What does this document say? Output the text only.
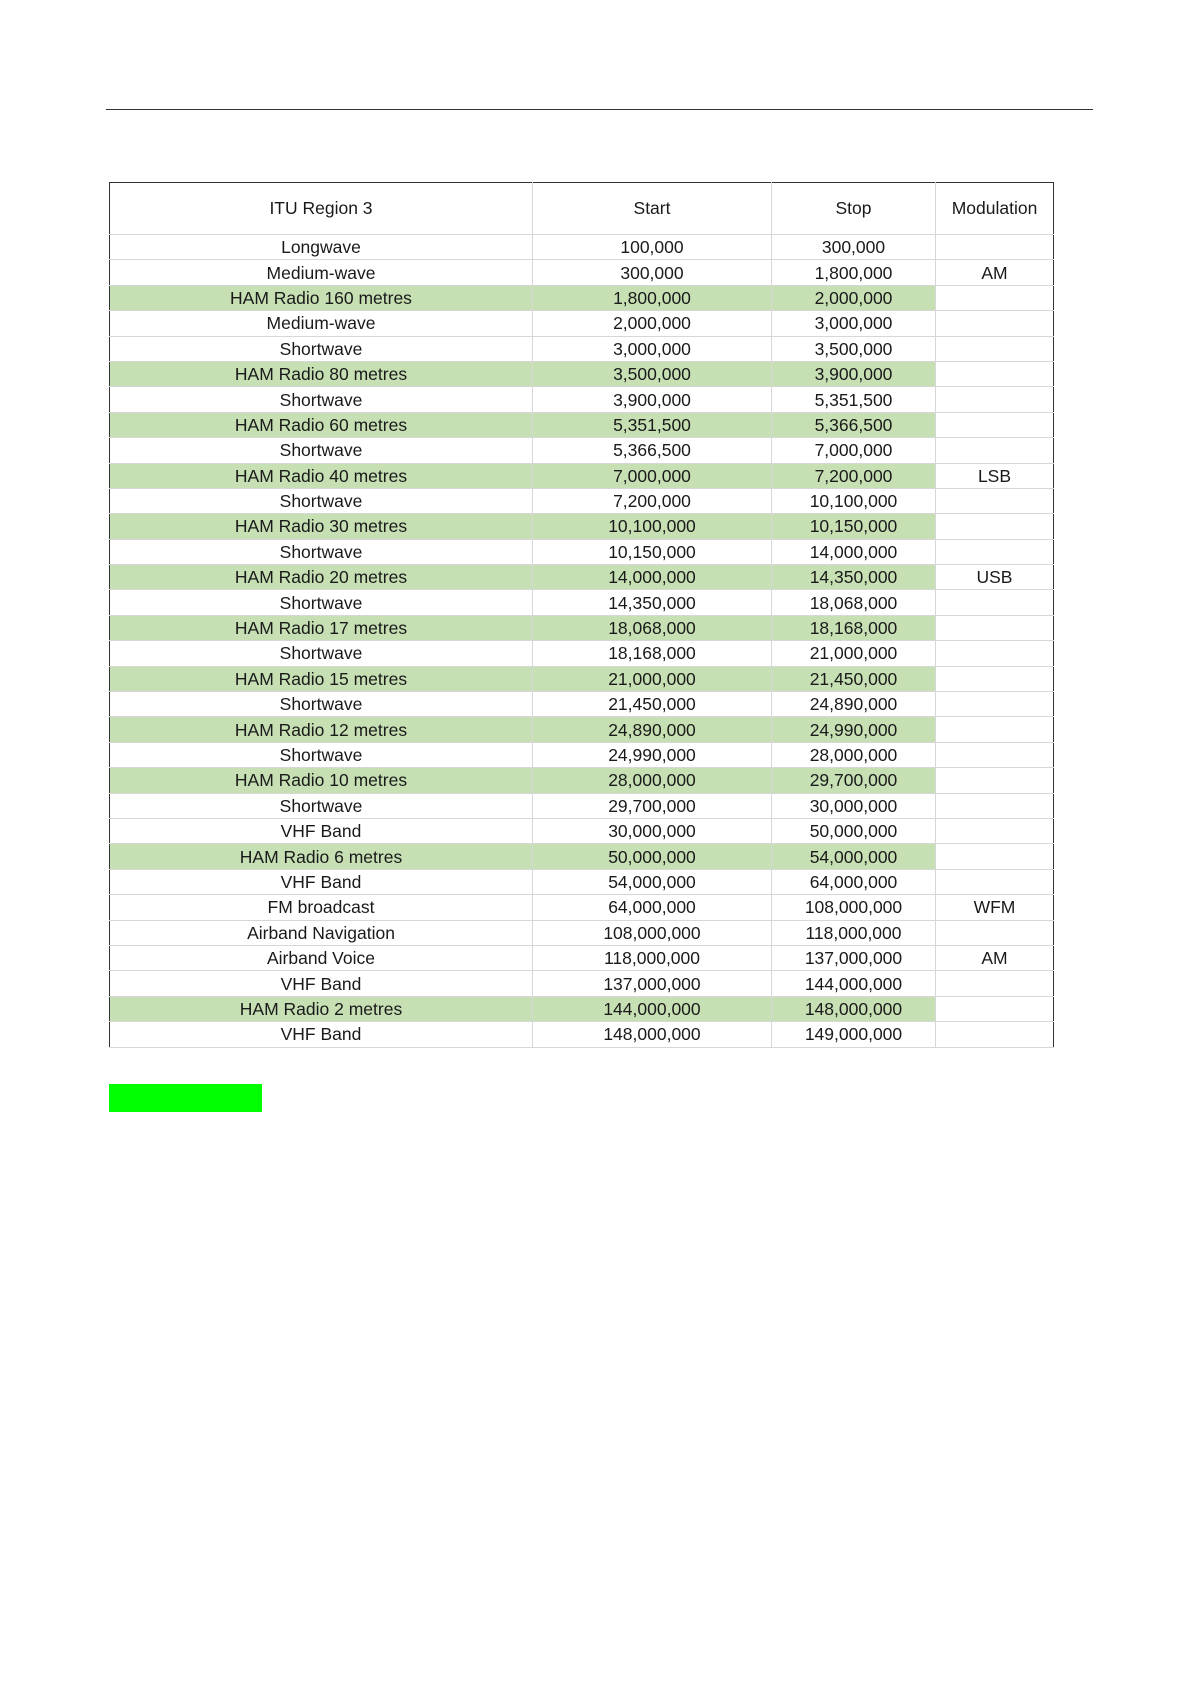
ITU Region 3	Start	Stop	Modulation
Longwave	100,000	300,000	
Medium-wave	300,000	1,800,000	AM
HAM Radio 160 metres	1,800,000	2,000,000	
Medium-wave	2,000,000	3,000,000	
Shortwave	3,000,000	3,500,000	
HAM Radio 80 metres	3,500,000	3,900,000	
Shortwave	3,900,000	5,351,500	
HAM Radio 60 metres	5,351,500	5,366,500	
Shortwave	5,366,500	7,000,000	
HAM Radio 40 metres	7,000,000	7,200,000	LSB
Shortwave	7,200,000	10,100,000	
HAM Radio 30 metres	10,100,000	10,150,000	
Shortwave	10,150,000	14,000,000	
HAM Radio 20 metres	14,000,000	14,350,000	USB
Shortwave	14,350,000	18,068,000	
HAM Radio 17 metres	18,068,000	18,168,000	
Shortwave	18,168,000	21,000,000	
HAM Radio 15 metres	21,000,000	21,450,000	
Shortwave	21,450,000	24,890,000	
HAM Radio 12 metres	24,890,000	24,990,000	
Shortwave	24,990,000	28,000,000	
HAM Radio 10 metres	28,000,000	29,700,000	
Shortwave	29,700,000	30,000,000	
VHF Band	30,000,000	50,000,000	
HAM Radio 6 metres	50,000,000	54,000,000	
VHF Band	54,000,000	64,000,000	
FM broadcast	64,000,000	108,000,000	WFM
Airband Navigation	108,000,000	118,000,000	
Airband Voice	118,000,000	137,000,000	AM
VHF Band	137,000,000	144,000,000	
HAM Radio 2 metres	144,000,000	148,000,000	
VHF Band	148,000,000	149,000,000	
